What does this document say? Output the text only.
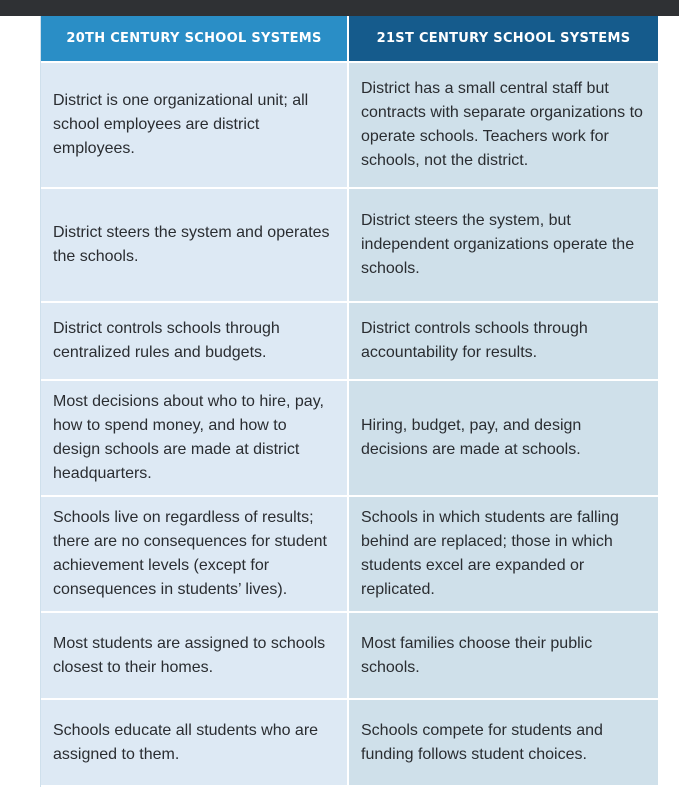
20TH CENTURY SCHOOL SYSTEMS	21ST CENTURY SCHOOL SYSTEMS
District is one organizational unit; all school employees are district employees.
District has a small central staff but contracts with separate organizations to operate schools. Teachers work for schools, not the district.
District steers the system and operates the schools.
District steers the system, but independent organizations operate the schools.
District controls schools through centralized rules and budgets.
District controls schools through accountability for results.
Most decisions about who to hire, pay, how to spend money, and how to design schools are made at district headquarters.
Hiring, budget, pay, and design decisions are made at schools.
Schools live on regardless of results; there are no consequences for student achievement levels (except for consequences in students’ lives).
Schools in which students are falling behind are replaced; those in which students excel are expanded or replicated.
Most students are assigned to schools closest to their homes.
Most families choose their public schools.
Schools educate all students who are assigned to them.
Schools compete for students and funding follows student choices.
